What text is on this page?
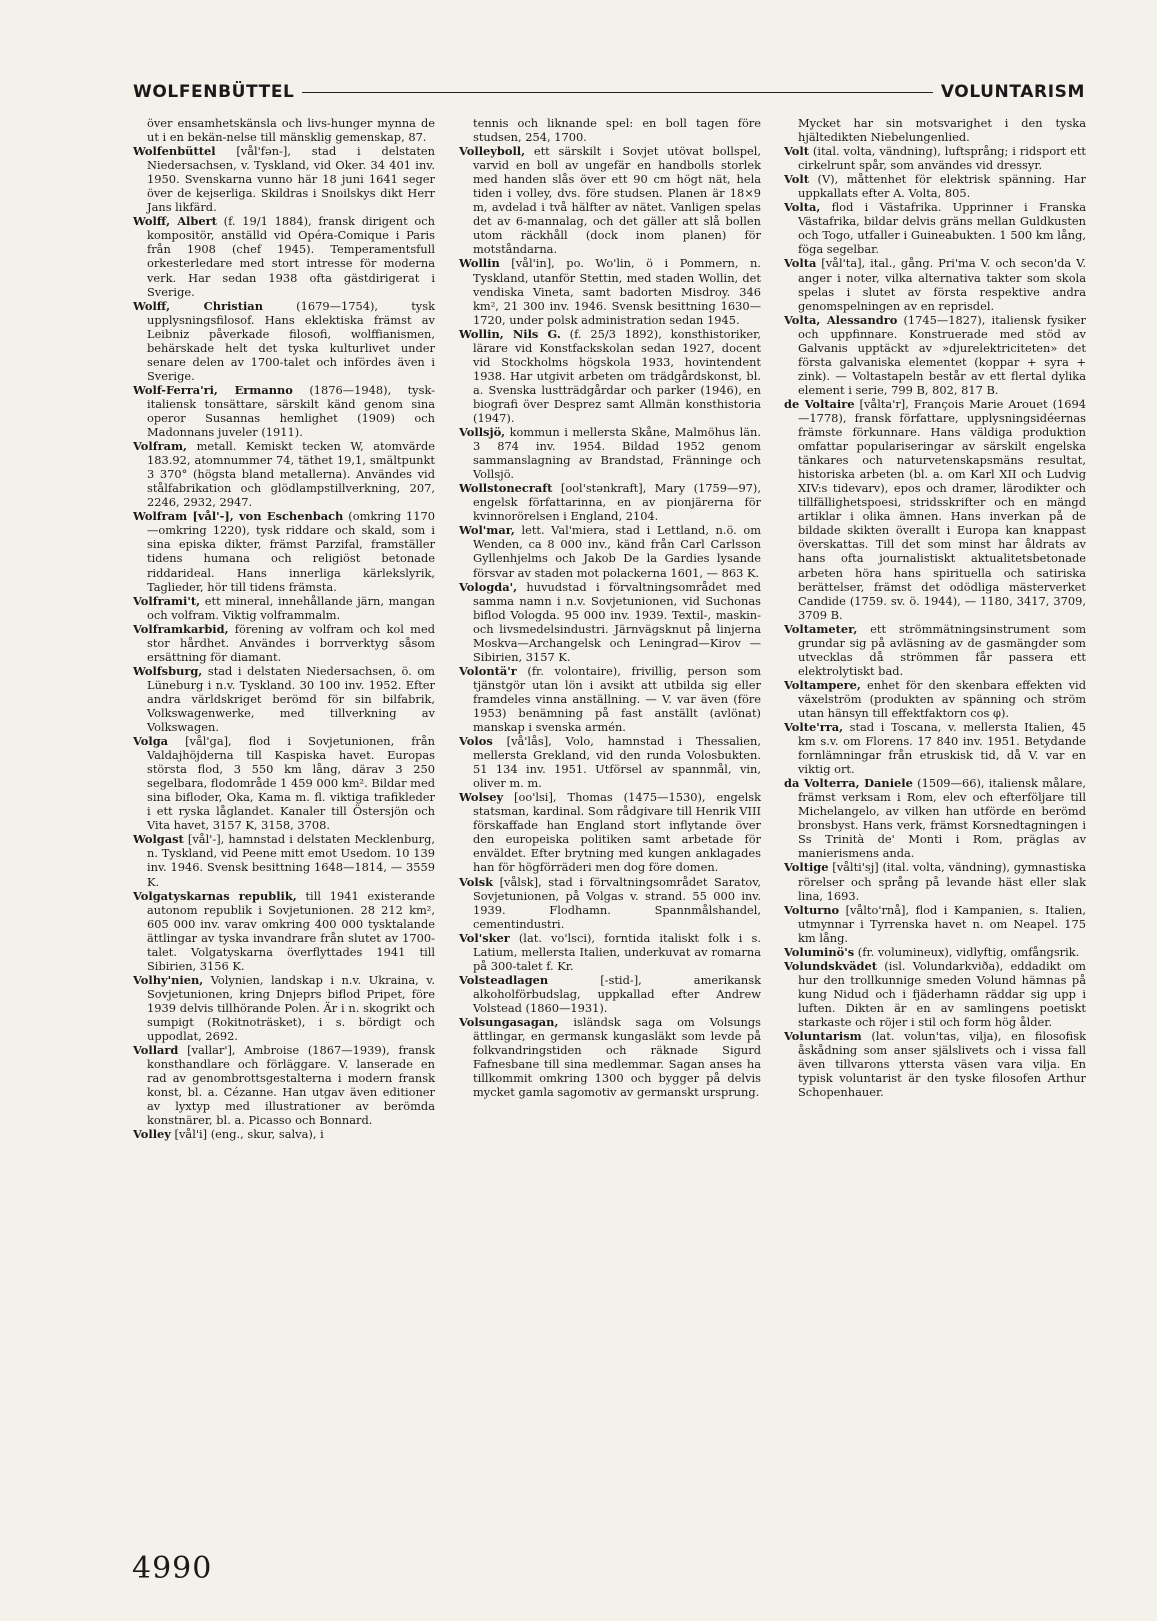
WOLFENBÜTTEL	VOLUNTARISM

över ensamhetskänsla och livs-hunger mynna de ut i en bekän-nelse till mänsklig gemenskap, 87.

Wolfenbüttel [vål'fən-], stad i delstaten Niedersachsen, v. Tyskland, vid Oker. 34 401 inv. 1950. Svenskarna vunno här 18 juni 1641 seger över de kejserliga. Skildras i Snoilskys dikt Herr Jans likfärd.

Wolff, Albert (f. 19/1 1884), fransk dirigent och kompositör, anställd vid Opéra-Comique i Paris från 1908 (chef 1945). Temperamentsfull orkesterledare med stort intresse för moderna verk. Har sedan 1938 ofta gästdirigerat i Sverige.

Wolff, Christian	(1679—1754), tysk upplysningsfilosof. Hans eklektiska främst av Leibniz påverkade filosofi, wolffianismen, behärskade helt det tyska kulturlivet under senare delen av 1700-talet och infördes även i Sverige.

Wolf-Ferra'ri, Ermanno (1876—1948), tysk-italiensk tonsättare, särskilt känd genom sina operor Susannas hemlighet (1909) och Madonnans juveler (1911).

Volfram, metall. Kemiskt tecken W, atomvärde 183.92, atomnummer 74, täthet 19,1, smältpunkt 3 370° (högsta bland metallerna). Användes vid stålfabrikation och glödlampstillverkning, 207, 2246, 2932, 2947.

Wolfram [vål'-], von Eschenbach (omkring 1170—omkring 1220), tysk riddare och skald, som i sina episka dikter, främst Parzifal, framställer tidens humana och religiöst betonade riddarideal. Hans innerliga kärlekslyrik, Taglieder, hör till tidens främsta.

Volframi't, ett mineral, innehållande järn, mangan och volfram. Viktig volframmalm.

Volframkarbid, förening av volfram och kol med stor hårdhet. Användes i borrverktyg såsom ersättning för diamant.

Wolfsburg, stad i delstaten Niedersachsen, ö. om Lüneburg i n.v. Tyskland. 30 100 inv. 1952. Efter andra världskriget berömd för sin bilfabrik, Volkswagenwerke, med tillverkning av Volkswagen.

Volga [vål'ga], flod i Sovjetunionen, från Valdajhöjderna till Kaspiska havet. Europas största flod, 3 550 km lång, därav 3 250 segelbara, flodområde 1 459 000 km². Bildar med sina bifloder, Oka, Kama m. fl. viktiga trafikleder i ett ryska låglandet. Kanaler till Östersjön och Vita havet, 3157 K, 3158, 3708.

Wolgast [vål'-], hamnstad i delstaten Mecklenburg, n. Tyskland, vid Peene mitt emot Usedom. 10 139 inv. 1946. Svensk besittning 1648—1814, — 3559 K.

Volgatyskarnas republik, till 1941 existerande autonom republik i Sovjetunionen. 28 212 km², 605 000 inv. varav omkring 400 000 tysktalande ättlingar av tyska invandrare från slutet av 1700-talet. Volgatyskarna överflyttades 1941 till Sibirien, 3156 K.

Volhy'nien, Volynien, landskap i n.v. Ukraina, v. Sovjetunionen, kring Dnjeprs biflod Pripet, före 1939 delvis tillhörande Polen. Är i n. skogrikt och sumpigt (Rokitnoträsket), i s. bördigt och uppodlat, 2692.

Vollard [vallar'], Ambroise (1867—1939), fransk konsthandlare och förläggare. V. lanserade en rad av genombrottsgestalterna i modern fransk konst, bl. a. Cézanne. Han utgav även editioner av lyxtyp med illustrationer av berömda konstnärer, bl. a. Picasso och Bonnard.

Volley [vål'i] (eng., skur, salva), i

tennis och liknande spel: en boll tagen före studsen, 254, 1700.

Volleyboll, ett särskilt i Sovjet utövat bollspel, varvid en boll av ungefär en handbolls storlek med handen slås över ett 90 cm högt nät, hela tiden i volley, dvs. före studsen. Planen är 18×9 m, avdelad i två hälfter av nätet. Vanligen spelas det av 6-mannalag, och det gäller att slå bollen utom räckhåll (dock inom planen) för motståndarna.

Wollin [vål'in], po. Wo'lin, ö i Pommern, n. Tyskland, utanför Stettin, med staden Wollin, det vendiska Vineta, samt badorten Misdroy. 346 km², 21 300 inv. 1946. Svensk besittning 1630—1720, under polsk administration sedan 1945.

Wollin, Nils G. (f. 25/3 1892), konsthistoriker, lärare vid Konstfackskolan sedan 1927, docent vid Stockholms högskola 1933, hovintendent 1938. Har utgivit arbeten om trädgårdskonst, bl. a. Svenska lustträdgårdar och parker (1946), en biografi över Desprez samt Allmän konsthistoria (1947).

Vollsjö, kommun i mellersta Skåne, Malmöhus län. 3 874 inv. 1954. Bildad 1952 genom sammanslagning av Brandstad, Fränninge och Vollsjö.

Wollstonecraft [ool'stənkraft], Mary (1759—97), engelsk författarinna, en av pionjärerna för kvinnorörelsen i England, 2104.

Wol'mar, lett. Val'miera, stad i Lettland, n.ö. om Wenden, ca 8 000 inv., känd från Carl Carlsson Gyllenhjelms och Jakob De la Gardies lysande försvar av staden mot polackerna 1601, — 863 K.

Vologda', huvudstad i förvaltningsområdet med samma namn i n.v. Sovjetunionen, vid Suchonas biflod Vologda. 95 000 inv. 1939. Textil-, maskin- och livsmedelsindustri. Järnvägsknut på linjerna Moskva—Archangelsk och Leningrad—Kirov —Sibirien, 3157 K.

Volontä'r (fr. volontaire), frivillig, person som tjänstgör utan lön i avsikt att utbilda sig eller framdeles vinna anställning. — V. var även (före 1953) benämning på fast anställt (avlönat) manskap i svenska armén.

Volos [vå'lås], Volo, hamnstad i Thessalien, mellersta Grekland, vid den runda Volosbukten. 51 134 inv. 1951. Utförsel av spannmål, vin, oliver m. m.

Wolsey [oo'lsi], Thomas (1475—1530), engelsk statsman, kardinal. Som rådgivare till Henrik VIII förskaffade han England stort inflytande över den europeiska politiken samt arbetade för enväldet. Efter brytning med kungen anklagades han för högförräderi men dog före domen.

Volsk [vålsk], stad i förvaltningsområdet Saratov, Sovjetunionen, på Volgas v. strand. 55 000 inv. 1939. Flodhamn. Spannmålshandel, cementindustri.

Vol'sker (lat. vo'lsci), forntida italiskt folk i s. Latium, mellersta Italien, underkuvat av romarna på 300-talet f. Kr.

Volsteadlagen	[-stid-], amerikansk alkoholförbudslag, uppkallad efter Andrew Volstead (1860—1931).

Volsungasagan, isländsk saga om Volsungs ättlingar, en germansk kungasläkt som levde på folkvandringstiden och räknade Sigurd Fafnesbane till sina medlemmar. Sagan anses ha tillkommit omkring 1300 och bygger på delvis mycket gamla sagomotiv av germanskt ursprung.

Mycket har sin motsvarighet i den tyska hjältedikten Niebelungenlied.

Volt (ital. volta, vändning), luftsprång; i ridsport ett cirkelrunt spår, som användes vid dressyr.

Volt (V), måttenhet för elektrisk spänning. Har uppkallats efter A. Volta, 805.

Volta, flod i Västafrika. Upprinner i Franska Västafrika, bildar delvis gräns mellan Guldkusten och Togo, utfaller i Guineabukten. 1 500 km lång, föga segelbar.

Volta [vål'ta], ital., gång. Pri'ma V. och secon'da V. anger i noter, vilka alternativa takter som skola spelas i slutet av första respektive andra genomspelningen av en reprisdel.

Volta, Alessandro (1745—1827), italiensk fysiker och uppfinnare. Konstruerade med stöd av Galvanis upptäckt av »djurelektriciteten» det första galvaniska elementet (koppar + syra + zink). — Voltastapeln består av ett flertal dylika element i serie, 799 B, 802, 817 B.

de Voltaire [vålta'r], François Marie Arouet (1694—1778), fransk författare, upplysningsidéernas främste förkunnare. Hans väldiga produktion omfattar populariseringar av särskilt engelska tänkares och naturvetenskapsmäns resultat, historiska arbeten (bl. a. om Karl XII och Ludvig XIV:s tidevarv), epos och dramer, lärodikter och tillfällighetspoesi, stridsskrifter och en mängd artiklar i olika ämnen. Hans inverkan på de bildade skikten överallt i Europa kan knappast överskattas. Till det som minst har åldrats av hans ofta journalistiskt aktualitetsbetonade arbeten höra hans spirituella och satiriska berättelser, främst det odödliga mästerverket Candide (1759. sv. ö. 1944), — 1180, 3417, 3709, 3709 B.

Voltameter, ett strömmätningsinstrument som grundar sig på avläsning av de gasmängder som utvecklas då strömmen får passera ett elektrolytiskt bad.

Voltampere, enhet för den skenbara effekten vid växelström (produkten av spänning och ström utan hänsyn till effektfaktorn cos φ).

Volte'rra, stad i Toscana, v. mellersta Italien, 45 km s.v. om Florens. 17 840 inv. 1951. Betydande fornlämningar från etruskisk tid, då V. var en viktig ort.

da Volterra, Daniele (1509—66), italiensk målare, främst verksam i Rom, elev och efterföljare till Michelangelo, av vilken han utförde en berömd bronsbyst. Hans verk, främst Korsnedtagningen i Ss Trinità de' Monti i Rom, präglas av manierismens anda.

Voltige [vålti'sj] (ital. volta, vändning), gymnastiska rörelser och språng på levande häst eller slak lina, 1693.

Volturno [vålto'rnå], flod i Kampanien, s. Italien, utmynnar i Tyrrenska havet n. om Neapel. 175 km lång.

Voluminö's (fr. volumineux), vidlyftig, omfångsrik.

Volundskvädet (isl. Volundarkviða), eddadikt om hur den trollkunnige smeden Volund hämnas på kung Nidud och i fjäderhamn räddar sig upp i luften. Dikten är en av samlingens poetiskt starkaste och röjer i stil och form hög ålder.

Voluntarism (lat. volun'tas, vilja), en filosofisk åskådning som anser själslivets och i vissa fall även tillvarons yttersta väsen vara vilja. En typisk voluntarist är den tyske filosofen Arthur Schopenhauer.

4990
